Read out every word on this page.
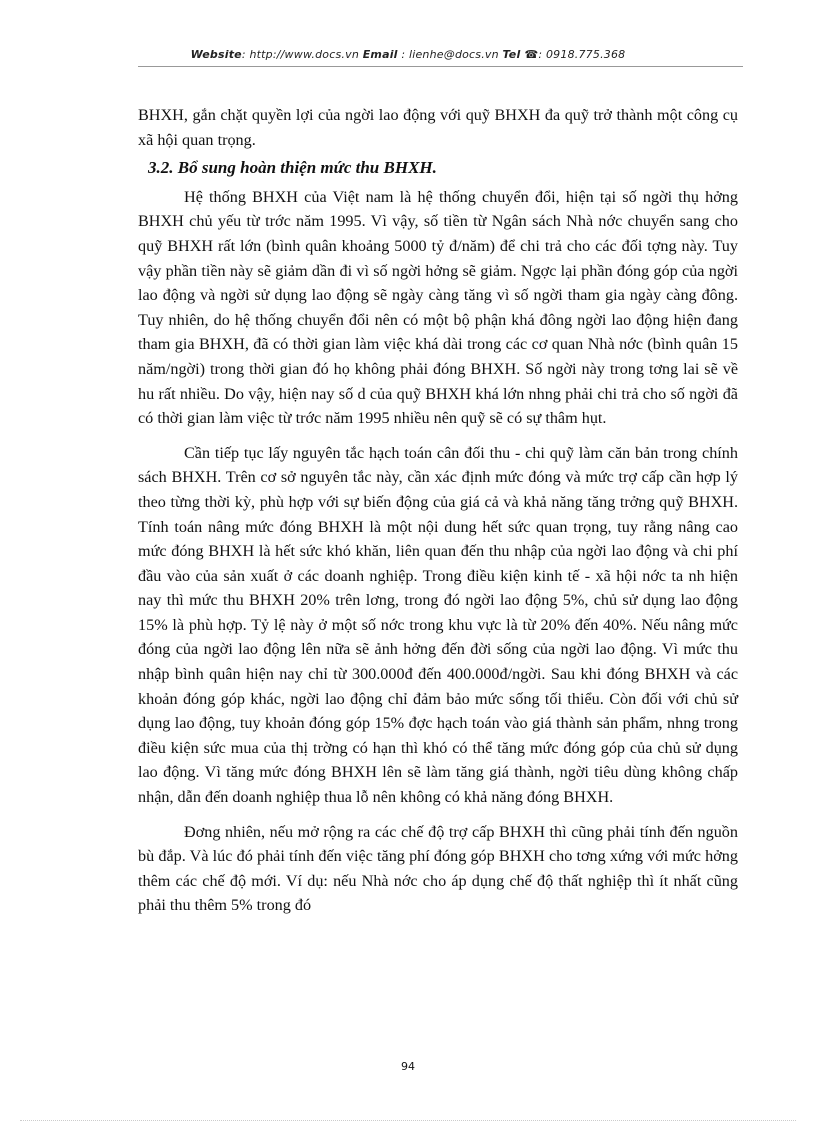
Website: http://www.docs.vn Email : lienhe@docs.vn Tel ☎: 0918.775.368

BHXH, gắn chặt quyền lợi của ngời lao động với quỹ BHXH đa quỹ trở thành một công cụ xã hội quan trọng.

3.2. Bổ sung hoàn thiện mức thu BHXH.

Hệ thống BHXH của Việt nam là hệ thống chuyển đổi, hiện tại số ngời thụ hởng BHXH chủ yếu từ trớc năm 1995. Vì vậy, số tiền từ Ngân sách Nhà nớc chuyển sang cho quỹ BHXH rất lớn (bình quân khoảng 5000 tỷ đ/năm) để chi trả cho các đối tợng này. Tuy vậy phần tiền này sẽ giảm dần đi vì số ngời hởng sẽ giảm. Ngợc lại phần đóng góp của ngời lao động và ngời sử dụng lao động sẽ ngày càng tăng vì số ngời tham gia ngày càng đông. Tuy nhiên, do hệ thống chuyển đổi nên có một bộ phận khá đông ngời lao động hiện đang tham gia BHXH, đã có thời gian làm việc khá dài trong các cơ quan Nhà nớc (bình quân 15 năm/ngời) trong thời gian đó họ không phải đóng BHXH. Số ngời này trong tơng lai sẽ về hu rất nhiều. Do vậy, hiện nay số d của quỹ BHXH khá lớn nhng phải chi trả cho số ngời đã có thời gian làm việc từ trớc năm 1995 nhiều nên quỹ sẽ có sự thâm hụt.

Cần tiếp tục lấy nguyên tắc hạch toán cân đối thu - chi quỹ làm căn bản trong chính sách BHXH. Trên cơ sở nguyên tắc này, cần xác định mức đóng và mức trợ cấp cần hợp lý theo từng thời kỳ, phù hợp với sự biến động của giá cả và khả năng tăng trởng quỹ BHXH. Tính toán nâng mức đóng BHXH là một nội dung hết sức quan trọng, tuy rằng nâng cao mức đóng BHXH là hết sức khó khăn, liên quan đến thu nhập của ngời lao động và chi phí đầu vào của sản xuất ở các doanh nghiệp. Trong điều kiện kinh tế - xã hội nớc ta nh hiện nay thì mức thu BHXH 20% trên lơng, trong đó ngời lao động 5%, chủ sử dụng lao động 15% là phù hợp. Tỷ lệ này ở một số nớc trong khu vực là từ 20% đến 40%. Nếu nâng mức đóng của ngời lao động lên nữa sẽ ảnh hởng đến đời sống của ngời lao động. Vì mức thu nhập bình quân hiện nay chỉ từ 300.000đ đến 400.000đ/ngời. Sau khi đóng BHXH và các khoản đóng góp khác, ngời lao động chỉ đảm bảo mức sống tối thiểu. Còn đối với chủ sử dụng lao động, tuy khoản đóng góp 15% đợc hạch toán vào giá thành sản phẩm, nhng trong điều kiện sức mua của thị trờng có hạn thì khó có thể tăng mức đóng góp của chủ sử dụng lao động. Vì tăng mức đóng BHXH lên sẽ làm tăng giá thành, ngời tiêu dùng không chấp nhận, dẫn đến doanh nghiệp thua lỗ nên không có khả năng đóng BHXH.

Đơng nhiên, nếu mở rộng ra các chế độ trợ cấp BHXH thì cũng phải tính đến nguồn bù đắp. Và lúc đó phải tính đến việc tăng phí đóng góp BHXH cho tơng xứng với mức hởng thêm các chế độ mới. Ví dụ: nếu Nhà nớc cho áp dụng chế độ thất nghiệp thì ít nhất cũng phải thu thêm 5% trong đó

94
